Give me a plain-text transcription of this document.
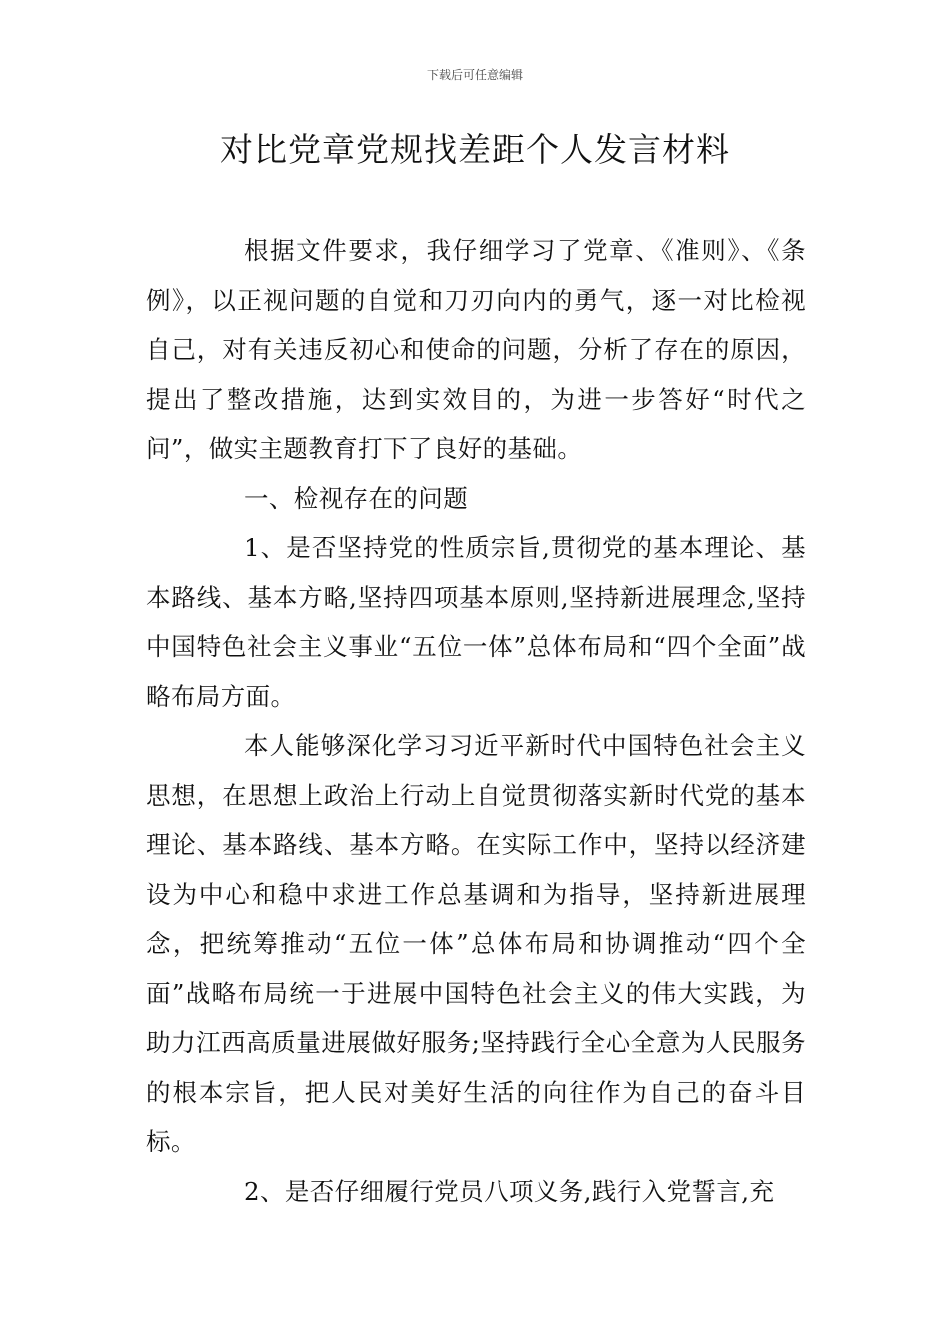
下载后可任意编辑
对比党章党规找差距个人发言材料

根据文件要求，我仔细学习了党章、《准则》、《条例》，以正视问题的自觉和刀刃向内的勇气，逐一对比检视自己，对有关违反初心和使命的问题，分析了存在的原因，提出了整改措施，达到实效目的，为进一步答好“时代之问”，做实主题教育打下了良好的基础。

一、检视存在的问题

1、是否坚持党的性质宗旨,贯彻党的基本理论、基本路线、基本方略,坚持四项基本原则,坚持新进展理念,坚持中国特色社会主义事业“五位一体”总体布局和“四个全面”战略布局方面。

本人能够深化学习习近平新时代中国特色社会主义思想，在思想上政治上行动上自觉贯彻落实新时代党的基本理论、基本路线、基本方略。在实际工作中，坚持以经济建设为中心和稳中求进工作总基调和为指导，坚持新进展理念，把统筹推动“五位一体”总体布局和协调推动“四个全面”战略布局统一于进展中国特色社会主义的伟大实践，为助力江西高质量进展做好服务;坚持践行全心全意为人民服务的根本宗旨，把人民对美好生活的向往作为自己的奋斗目标。

2、是否仔细履行党员八项义务,践行入党誓言,充
